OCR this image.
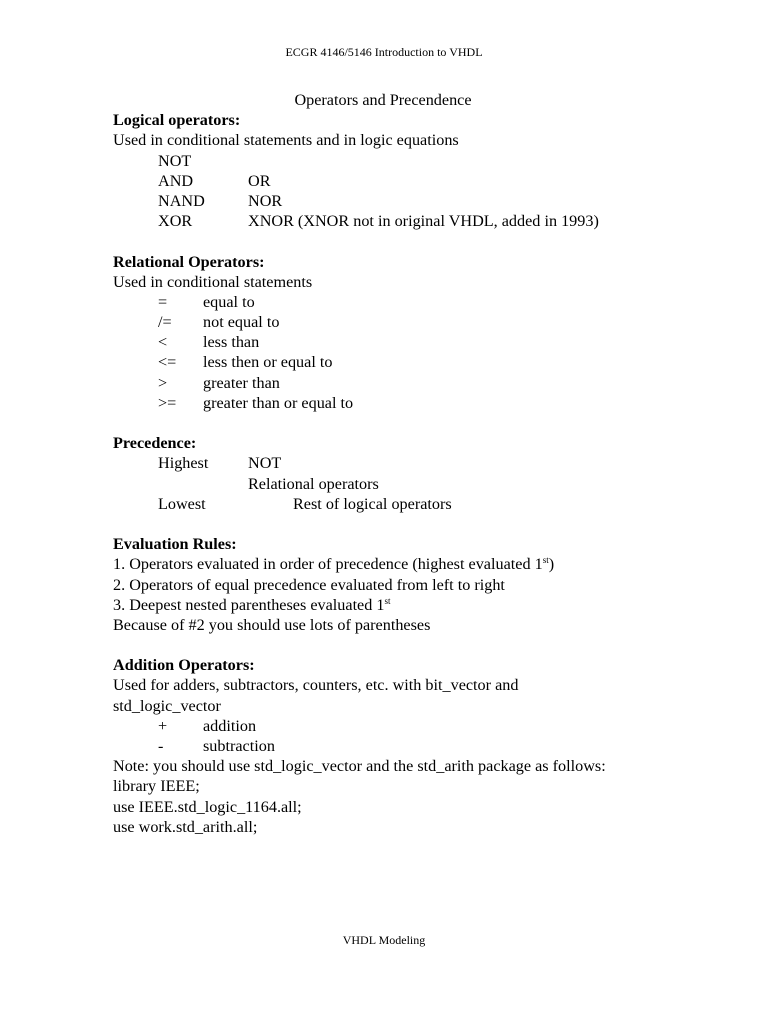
ECGR 4146/5146 Introduction to VHDL
Operators and Precendence
Logical operators:
Used in conditional statements and in logic equations
NOT
AND	OR
NAND	NOR
XOR	XNOR (XNOR not in original VHDL, added in 1993)
Relational Operators:
Used in conditional statements
= equal to
/= not equal to
< less than
<= less then or equal to
> greater than
>= greater than or equal to
Precedence:
Highest NOT
Relational operators
Lowest	Rest of logical operators
Evaluation Rules:
1. Operators evaluated in order of precedence (highest evaluated 1st)
2. Operators of equal precedence evaluated from left to right
3. Deepest nested parentheses evaluated 1st
Because of #2 you should use lots of parentheses
Addition Operators:
Used for adders, subtractors, counters, etc. with bit_vector and
std_logic_vector
+ addition
- subtraction
Note: you should use std_logic_vector and the std_arith package as follows:
library IEEE;
use IEEE.std_logic_1164.all;
use work.std_arith.all;
VHDL Modeling
